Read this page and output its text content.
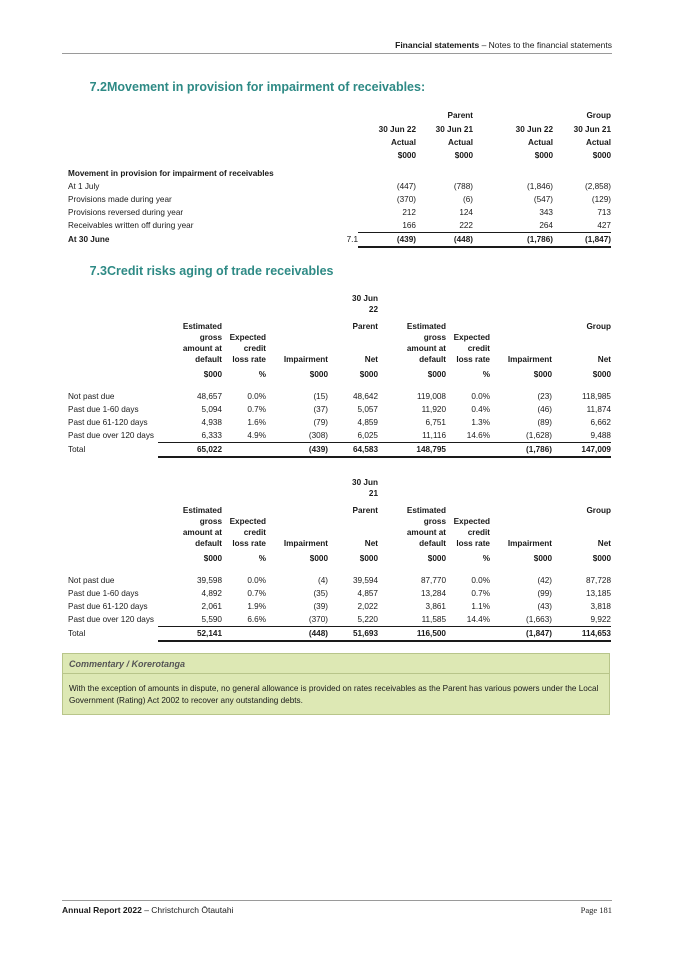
Financial statements – Notes to the financial statements
7.2Movement in provision for impairment of receivables:
			Parent		Group
		30 Jun 22	30 Jun 21	30 Jun 22	30 Jun 21
		Actual	Actual	Actual	Actual
		$000	$000	$000	$000

Movement in provision for impairment of receivables					
At 1 July		(447)	(788)	(1,846)	(2,858)
Provisions made during year		(370)	(6)	(547)	(129)
Provisions reversed during year		212	124	343	713
Receivables written off during year		166	222	264	427
At 30 June	7.1	(439)	(448)	(1,786)	(1,847)
7.3Credit risks aging of trade receivables
				30 Jun				
				22				

	Estimated			Parent	Estimated			Group
	gross	Expected			gross	Expected		
	amount at	credit			amount at	credit		
	default	loss rate	Impairment	Net	default	loss rate	Impairment	Net

	$000	%	$000	$000	$000	%	$000	$000

Not past due	48,657	0.0%	(15)	48,642	119,008	0.0%	(23)	118,985
Past due 1-60 days	5,094	0.7%	(37)	5,057	11,920	0.4%	(46)	11,874
Past due 61-120 days	4,938	1.6%	(79)	4,859	6,751	1.3%	(89)	6,662
Past due over 120 days	6,333	4.9%	(308)	6,025	11,116	14.6%	(1,628)	9,488
Total	65,022		(439)	64,583	148,795		(1,786)	147,009
				30 Jun				
				21				

	Estimated			Parent	Estimated			Group
	gross	Expected			gross	Expected		
	amount at	credit			amount at	credit		
	default	loss rate	Impairment	Net	default	loss rate	Impairment	Net

	$000	%	$000	$000	$000	%	$000	$000

Not past due	39,598	0.0%	(4)	39,594	87,770	0.0%	(42)	87,728
Past due 1-60 days	4,892	0.7%	(35)	4,857	13,284	0.7%	(99)	13,185
Past due 61-120 days	2,061	1.9%	(39)	2,022	3,861	1.1%	(43)	3,818
Past due over 120 days	5,590	6.6%	(370)	5,220	11,585	14.4%	(1,663)	9,922
Total	52,141		(448)	51,693	116,500		(1,847)	114,653
Commentary / Korerotanga
With the exception of amounts in dispute, no general allowance is provided on rates receivables as the Parent has various powers under the Local Government (Rating) Act 2002 to recover any outstanding debts.
Annual Report 2022 – Christchurch Ōtautahi	Page 181
